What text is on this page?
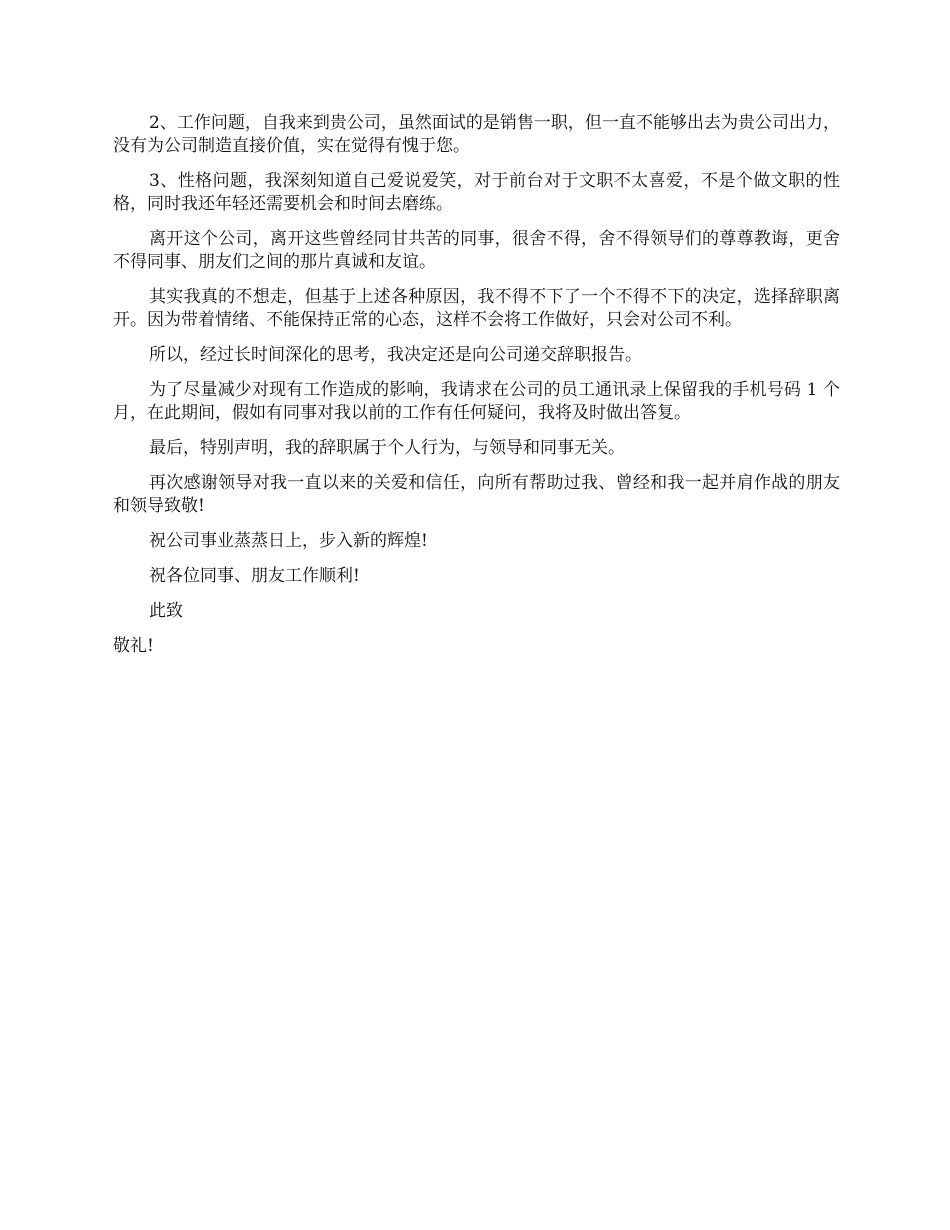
2、工作问题，自我来到贵公司，虽然面试的是销售一职，但一直不能够出去为贵公司出力，没有为公司制造直接价值，实在觉得有愧于您。

3、性格问题，我深刻知道自己爱说爱笑，对于前台对于文职不太喜爱，不是个做文职的性格，同时我还年轻还需要机会和时间去磨练。

离开这个公司，离开这些曾经同甘共苦的同事，很舍不得，舍不得领导们的尊尊教诲，更舍不得同事、朋友们之间的那片真诚和友谊。

其实我真的不想走，但基于上述各种原因，我不得不下了一个不得不下的决定，选择辞职离开。因为带着情绪、不能保持正常的心态，这样不会将工作做好，只会对公司不利。

所以，经过长时间深化的思考，我决定还是向公司递交辞职报告。

为了尽量减少对现有工作造成的影响，我请求在公司的员工通讯录上保留我的手机号码 1 个月，在此期间，假如有同事对我以前的工作有任何疑问，我将及时做出答复。

最后，特别声明，我的辞职属于个人行为，与领导和同事无关。

再次感谢领导对我一直以来的关爱和信任，向所有帮助过我、曾经和我一起并肩作战的朋友和领导致敬!

祝公司事业蒸蒸日上，步入新的辉煌!

祝各位同事、朋友工作顺利!

此致

敬礼!
